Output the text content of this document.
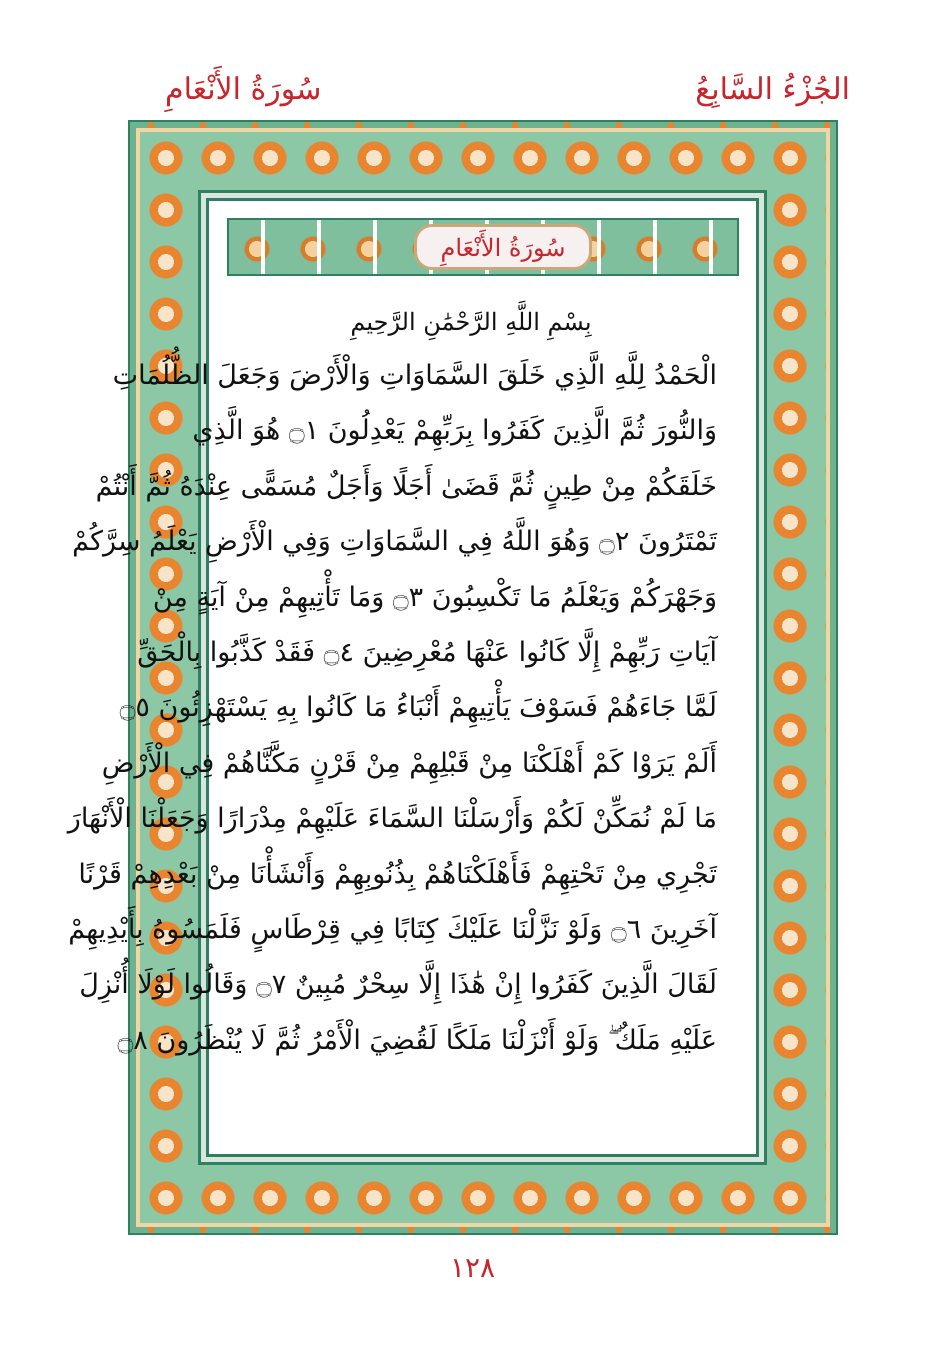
سُورَةُ الأَنْعَامِ	الجُزْءُ السَّابِعُ
سُورَةُ الأَنْعَامِ

بِسْمِ اللَّهِ الرَّحْمَٰنِ الرَّحِيمِ

الْحَمْدُ لِلَّهِ الَّذِي خَلَقَ السَّمَاوَاتِ وَالْأَرْضَ وَجَعَلَ الظُّلُمَاتِ

وَالنُّورَ ثُمَّ الَّذِينَ كَفَرُوا بِرَبِّهِمْ يَعْدِلُونَ ۝١ هُوَ الَّذِي

خَلَقَكُمْ مِنْ طِينٍ ثُمَّ قَضَىٰ أَجَلًا وَأَجَلٌ مُسَمًّى عِنْدَهُ ثُمَّ أَنْتُمْ

تَمْتَرُونَ ۝٢ وَهُوَ اللَّهُ فِي السَّمَاوَاتِ وَفِي الْأَرْضِ يَعْلَمُ سِرَّكُمْ

وَجَهْرَكُمْ وَيَعْلَمُ مَا تَكْسِبُونَ ۝٣ وَمَا تَأْتِيهِمْ مِنْ آيَةٍ مِنْ

آيَاتِ رَبِّهِمْ إِلَّا كَانُوا عَنْهَا مُعْرِضِينَ ۝٤ فَقَدْ كَذَّبُوا بِالْحَقِّ

لَمَّا جَاءَهُمْ فَسَوْفَ يَأْتِيهِمْ أَنْبَاءُ مَا كَانُوا بِهِ يَسْتَهْزِئُونَ ۝٥

أَلَمْ يَرَوْا كَمْ أَهْلَكْنَا مِنْ قَبْلِهِمْ مِنْ قَرْنٍ مَكَّنَّاهُمْ فِي الْأَرْضِ

مَا لَمْ نُمَكِّنْ لَكُمْ وَأَرْسَلْنَا السَّمَاءَ عَلَيْهِمْ مِدْرَارًا وَجَعَلْنَا الْأَنْهَارَ

تَجْرِي مِنْ تَحْتِهِمْ فَأَهْلَكْنَاهُمْ بِذُنُوبِهِمْ وَأَنْشَأْنَا مِنْ بَعْدِهِمْ قَرْنًا

آخَرِينَ ۝٦ وَلَوْ نَزَّلْنَا عَلَيْكَ كِتَابًا فِي قِرْطَاسٍ فَلَمَسُوهُ بِأَيْدِيهِمْ

لَقَالَ الَّذِينَ كَفَرُوا إِنْ هَٰذَا إِلَّا سِحْرٌ مُبِينٌ ۝٧ وَقَالُوا لَوْلَا أُنْزِلَ

عَلَيْهِ مَلَكٌ ۖ وَلَوْ أَنْزَلْنَا مَلَكًا لَقُضِيَ الْأَمْرُ ثُمَّ لَا يُنْظَرُونَ ۝٨

١٢٨
